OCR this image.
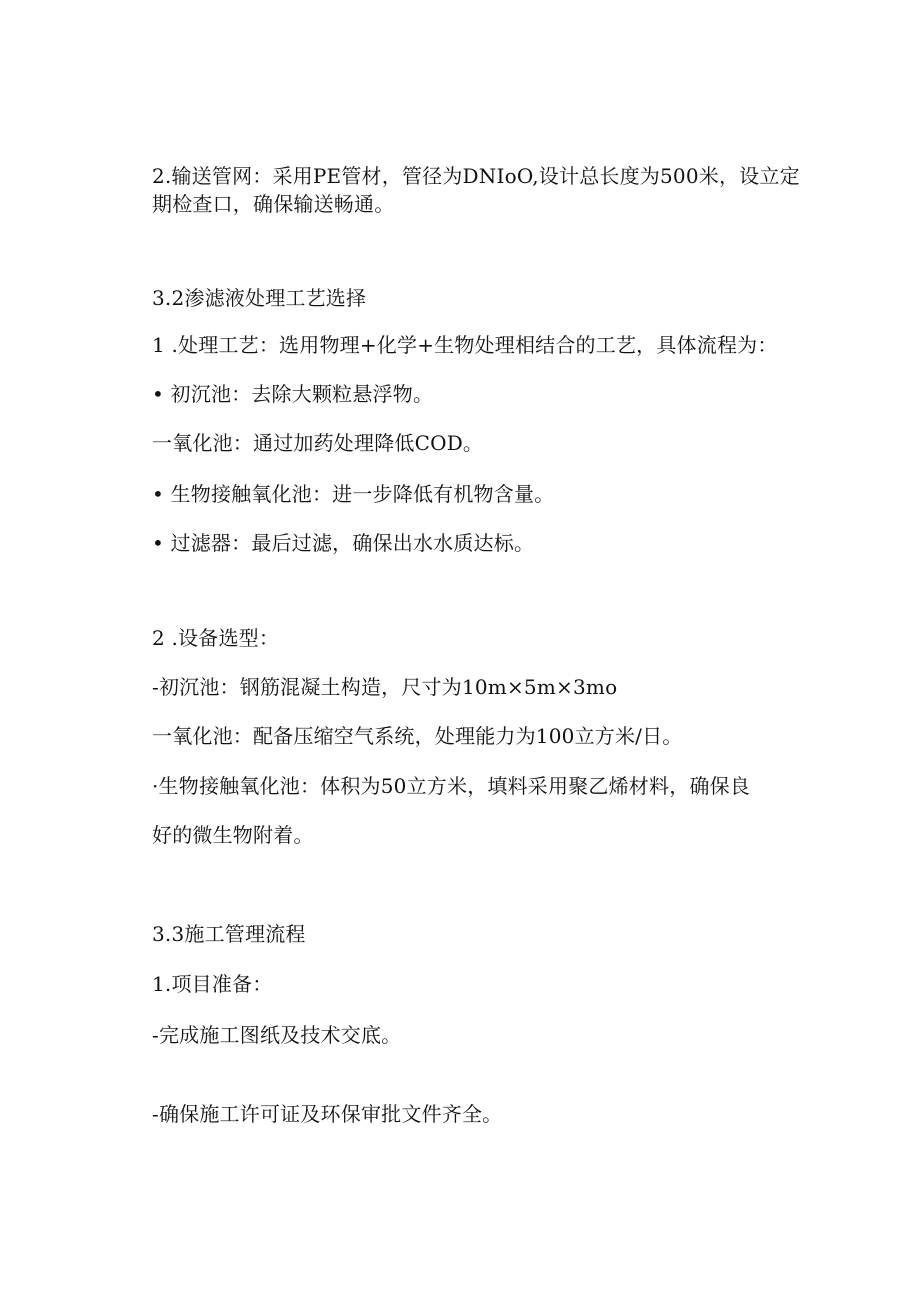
2.输送管网：采用PE管材，管径为DNIoO,设计总长度为500米，设立定
期检查口，确保输送畅通。
3.2渗滤液处理工艺选择
1 .处理工艺：选用物理+化学+生物处理相结合的工艺，具体流程为：
• 初沉池：去除大颗粒悬浮物。
一氧化池：通过加药处理降低COD。
• 生物接触氧化池：进一步降低有机物含量。
• 过滤器：最后过滤，确保出水水质达标。
2 .设备选型：
-初沉池：钢筋混凝土构造，尺寸为10m×5m×3mo
一氧化池：配备压缩空气系统，处理能力为100立方米/日。
·生物接触氧化池：体积为50立方米，填料采用聚乙烯材料，确保良
好的微生物附着。
3.3施工管理流程
1.项目准备：
-完成施工图纸及技术交底。
-确保施工许可证及环保审批文件齐全。
